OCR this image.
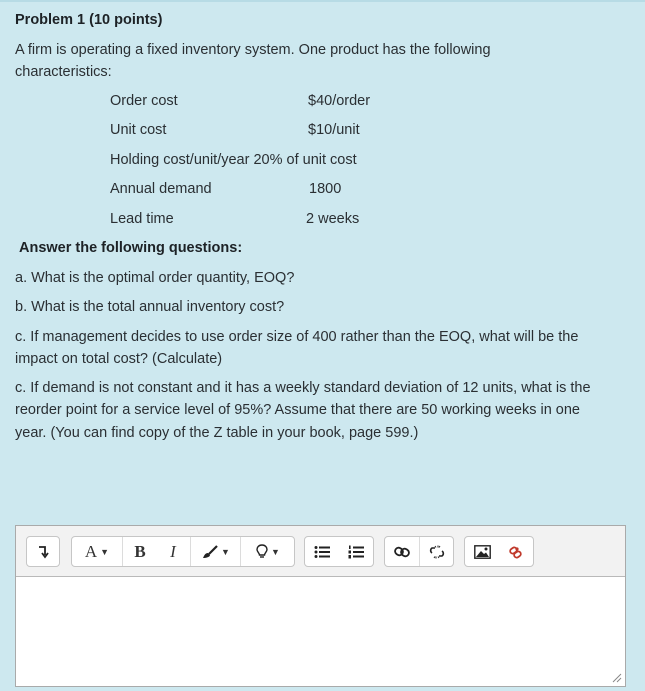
Problem 1 (10 points)
A firm is operating a fixed inventory system. One product has the following
characteristics:
Order cost	$40/order
Unit cost	$10/unit
Holding cost/unit/year 20% of unit cost
Annual demand	1800
Lead time	2 weeks
Answer the following questions:
a. What is the optimal order quantity, EOQ?
b. What is the total annual inventory cost?
c. If management decides to use order size of 400 rather than the EOQ, what will be the
impact on total cost? (Calculate)
c. If demand is not constant and it has a weekly standard deviation of 12 units, what is the
reorder point for a service level of 95%? Assume that there are 50 working weeks in one
year. (You can find copy of the Z table in your book, page 599.)
A ▼ B I	▼	▼
